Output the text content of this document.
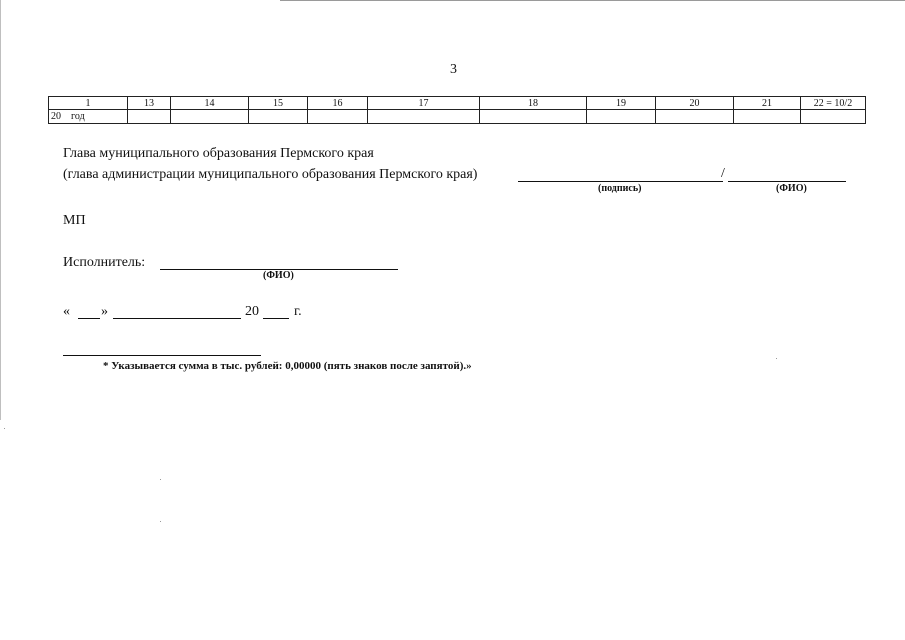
3
1	13	14	15	16	17	18	19	20	21	22 = 10/2
20    год										
Глава муниципального образования Пермского края
(глава администрации муниципального образования Пермского края)	/
(подпись)	(ФИО)
МП
Исполнитель:
(ФИО)
« »	20	г.
* Указывается сумма в тыс. рублей: 0,00000 (пять знаков после запятой).»
